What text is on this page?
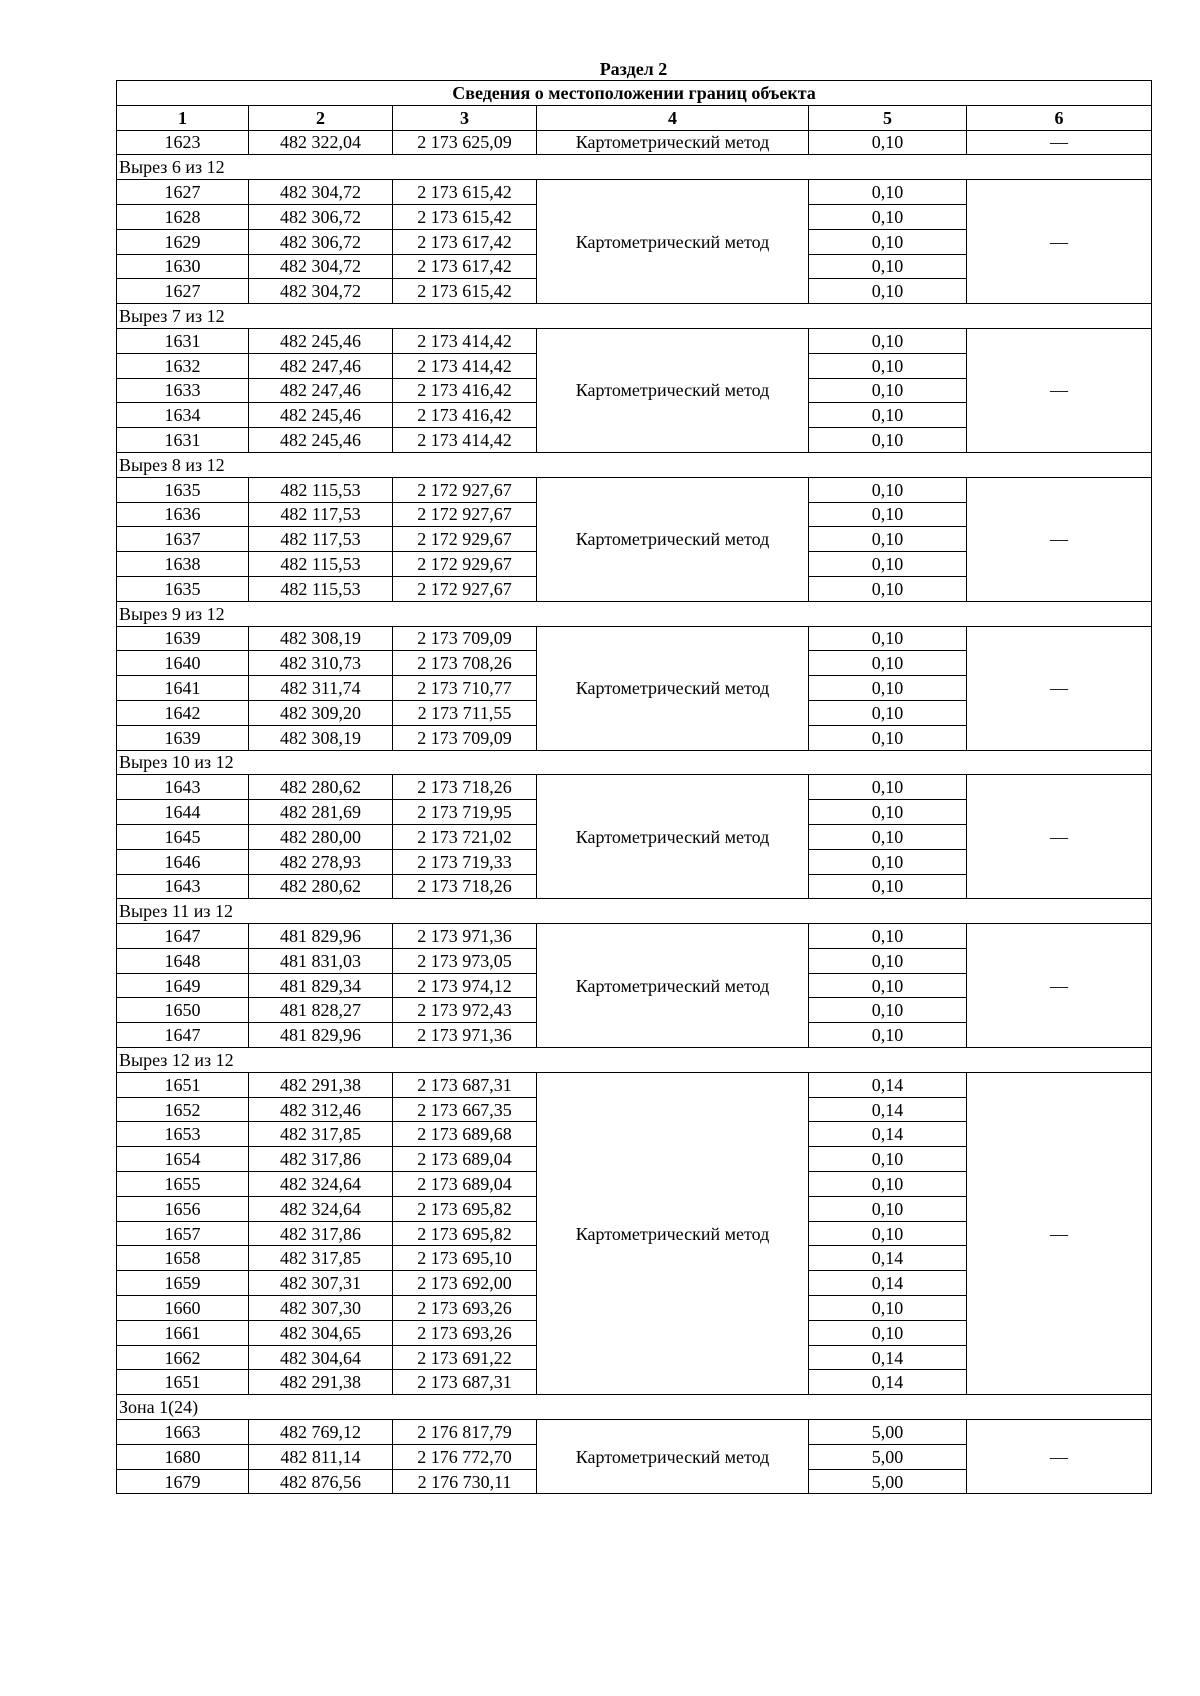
Раздел 2
Сведения о местоположении границ объекта					
1	2	3	4	5	6
1623	482 322,04	2 173 625,09	Картометрический метод	0,10	—
Вырез 6 из 12					
1627	482 304,72	2 173 615,42	Картометрический метод	0,10	—
1628	482 306,72	2 173 615,42		0,10	
1629	482 306,72	2 173 617,42		0,10	
1630	482 304,72	2 173 617,42		0,10	
1627	482 304,72	2 173 615,42		0,10	
Вырез 7 из 12					
1631	482 245,46	2 173 414,42	Картометрический метод	0,10	—
1632	482 247,46	2 173 414,42		0,10	
1633	482 247,46	2 173 416,42		0,10	
1634	482 245,46	2 173 416,42		0,10	
1631	482 245,46	2 173 414,42		0,10	
Вырез 8 из 12					
1635	482 115,53	2 172 927,67	Картометрический метод	0,10	—
1636	482 117,53	2 172 927,67		0,10	
1637	482 117,53	2 172 929,67		0,10	
1638	482 115,53	2 172 929,67		0,10	
1635	482 115,53	2 172 927,67		0,10	
Вырез 9 из 12					
1639	482 308,19	2 173 709,09	Картометрический метод	0,10	—
1640	482 310,73	2 173 708,26		0,10	
1641	482 311,74	2 173 710,77		0,10	
1642	482 309,20	2 173 711,55		0,10	
1639	482 308,19	2 173 709,09		0,10	
Вырез 10 из 12					
1643	482 280,62	2 173 718,26	Картометрический метод	0,10	—
1644	482 281,69	2 173 719,95		0,10	
1645	482 280,00	2 173 721,02		0,10	
1646	482 278,93	2 173 719,33		0,10	
1643	482 280,62	2 173 718,26		0,10	
Вырез 11 из 12					
1647	481 829,96	2 173 971,36	Картометрический метод	0,10	—
1648	481 831,03	2 173 973,05		0,10	
1649	481 829,34	2 173 974,12		0,10	
1650	481 828,27	2 173 972,43		0,10	
1647	481 829,96	2 173 971,36		0,10	
Вырез 12 из 12					
1651	482 291,38	2 173 687,31	Картометрический метод	0,14	—
1652	482 312,46	2 173 667,35		0,14	
1653	482 317,85	2 173 689,68		0,14	
1654	482 317,86	2 173 689,04		0,10	
1655	482 324,64	2 173 689,04		0,10	
1656	482 324,64	2 173 695,82		0,10	
1657	482 317,86	2 173 695,82		0,10	
1658	482 317,85	2 173 695,10		0,14	
1659	482 307,31	2 173 692,00		0,14	
1660	482 307,30	2 173 693,26		0,10	
1661	482 304,65	2 173 693,26		0,10	
1662	482 304,64	2 173 691,22		0,14	
1651	482 291,38	2 173 687,31		0,14	
Зона 1(24)					
1663	482 769,12	2 176 817,79	Картометрический метод	5,00	—
1680	482 811,14	2 176 772,70		5,00	
1679	482 876,56	2 176 730,11		5,00	
